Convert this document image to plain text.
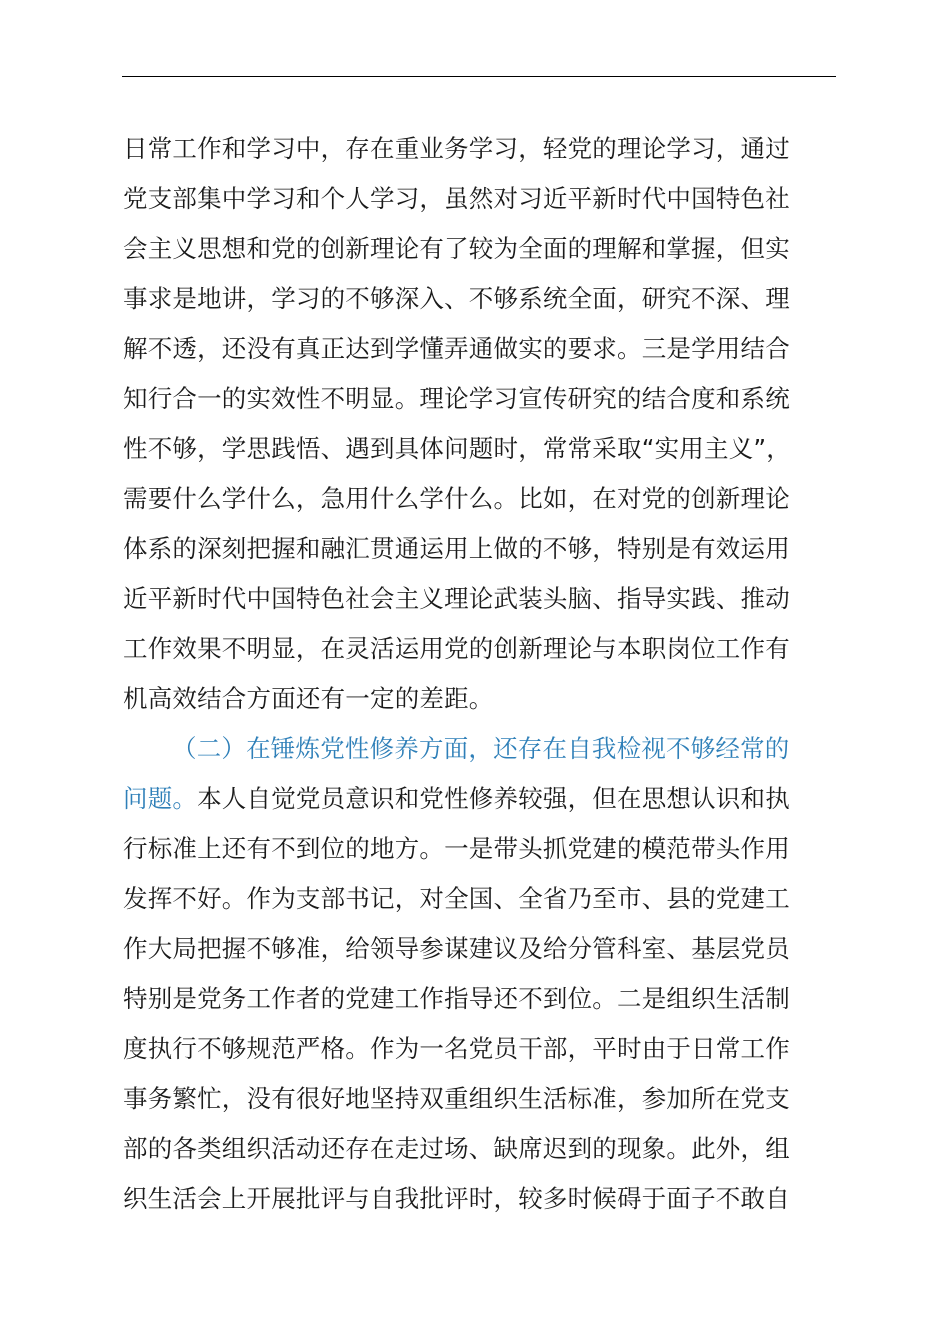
日常工作和学习中，存在重业务学习，轻党的理论学习，通过
党支部集中学习和个人学习，虽然对习近平新时代中国特色社
会主义思想和党的创新理论有了较为全面的理解和掌握，但实
事求是地讲，学习的不够深入、不够系统全面，研究不深、理
解不透，还没有真正达到学懂弄通做实的要求。三是学用结合
知行合一的实效性不明显。理论学习宣传研究的结合度和系统
性不够，学思践悟、遇到具体问题时，常常采取“实用主义”，
需要什么学什么，急用什么学什么。比如，在对党的创新理论
体系的深刻把握和融汇贯通运用上做的不够，特别是有效运用
近平新时代中国特色社会主义理论武装头脑、指导实践、推动
工作效果不明显，在灵活运用党的创新理论与本职岗位工作有
机高效结合方面还有一定的差距。
（二）在锤炼党性修养方面，还存在自我检视不够经常的
问题。本人自觉党员意识和党性修养较强，但在思想认识和执
行标准上还有不到位的地方。一是带头抓党建的模范带头作用
发挥不好。作为支部书记，对全国、全省乃至市、县的党建工
作大局把握不够准，给领导参谋建议及给分管科室、基层党员
特别是党务工作者的党建工作指导还不到位。二是组织生活制
度执行不够规范严格。作为一名党员干部，平时由于日常工作
事务繁忙，没有很好地坚持双重组织生活标准，参加所在党支
部的各类组织活动还存在走过场、缺席迟到的现象。此外，组
织生活会上开展批评与自我批评时，较多时候碍于面子不敢自
